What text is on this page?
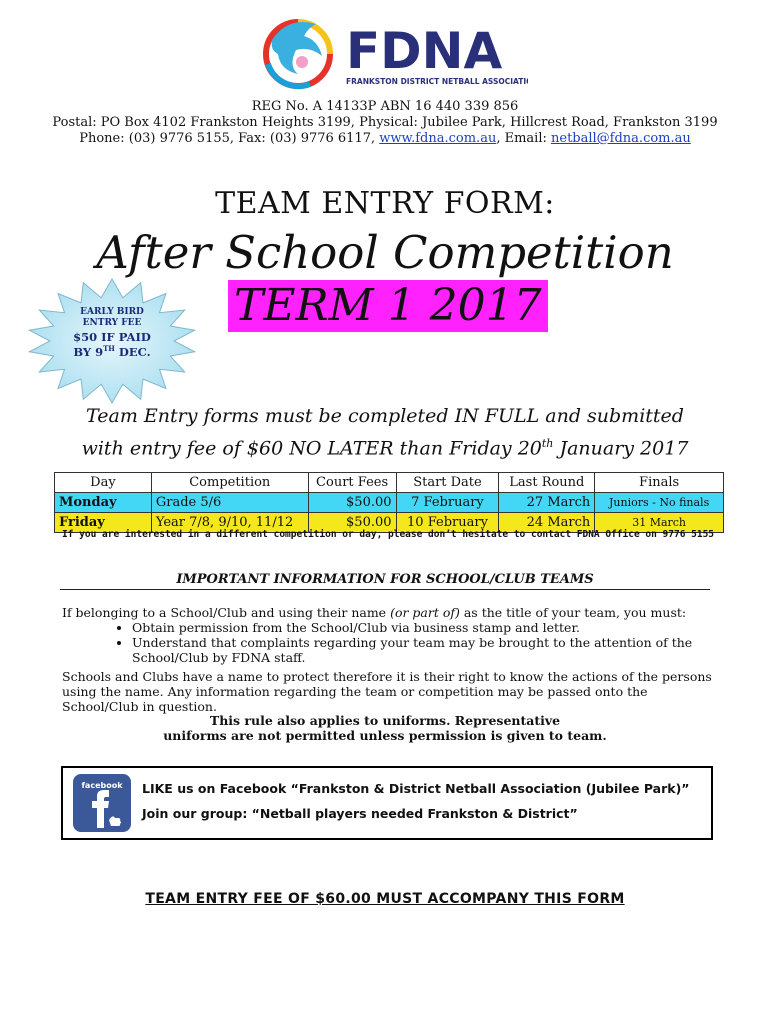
FDNA
FRANKSTON DISTRICT NETBALL ASSOCIATION
REG No. A 14133P ABN 16 440 339 856
Postal: PO Box 4102 Frankston Heights 3199, Physical: Jubilee Park, Hillcrest Road, Frankston 3199
Phone: (03) 9776 5155, Fax: (03) 9776 6117, www.fdna.com.au, Email: netball@fdna.com.au
TEAM ENTRY FORM:
After School Competition
TERM 1 2017
EARLY BIRD
ENTRY FEE
$50 IF PAID
BY 9TH DEC.
Team Entry forms must be completed IN FULL and submitted
with entry fee of $60 NO LATER than Friday 20th January 2017
Day	Competition	Court Fees	Start Date	Last Round	Finals
Monday	Grade 5/6	$50.00	7 February	27 March	Juniors - No finals
Friday	Year 7/8, 9/10, 11/12	$50.00	10 February	24 March	31 March
If you are interested in a different competition or day, please don’t hesitate to contact FDNA Office on 9776 5155
IMPORTANT INFORMATION FOR SCHOOL/CLUB TEAMS
If belonging to a School/Club and using their name (or part of) as the title of your team, you must:
• Obtain permission from the School/Club via business stamp and letter.
• Understand that complaints regarding your team may be brought to the attention of the School/Club by FDNA staff.
Schools and Clubs have a name to protect therefore it is their right to know the actions of the persons using the name. Any information regarding the team or competition may be passed onto the School/Club in question.
This rule also applies to uniforms. Representative
uniforms are not permitted unless permission is given to team.
facebook LIKE us on Facebook “Frankston & District Netball Association (Jubilee Park)”
Join our group: “Netball players needed Frankston & District”
TEAM ENTRY FEE OF $60.00 MUST ACCOMPANY THIS FORM
